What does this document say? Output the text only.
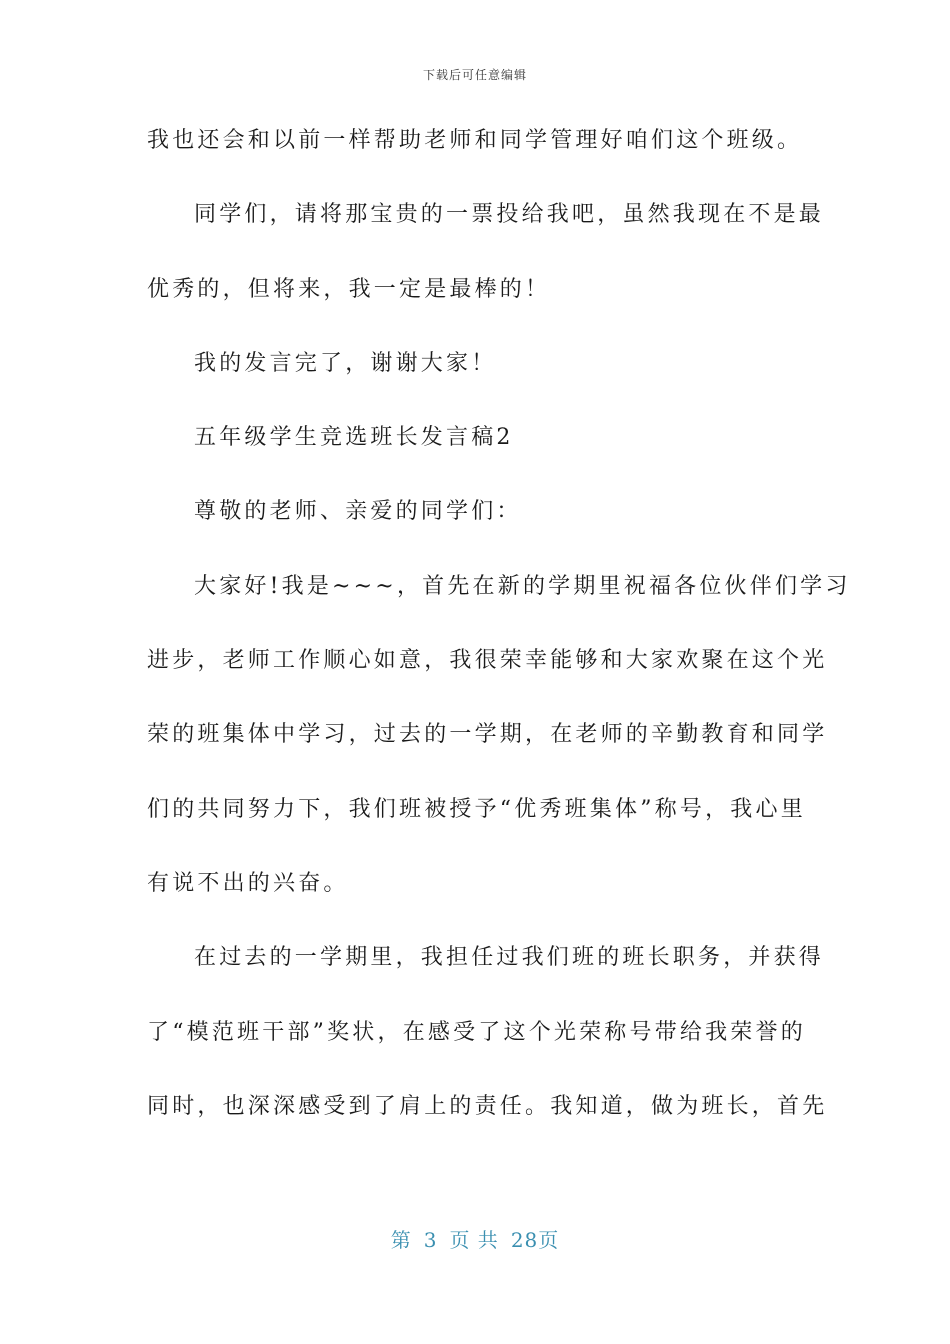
下载后可任意编辑
我也还会和以前一样帮助老师和同学管理好咱们这个班级。
同学们，请将那宝贵的一票投给我吧，虽然我现在不是最
优秀的，但将来，我一定是最棒的！
我的发言完了，谢谢大家！
五年级学生竞选班长发言稿2
尊敬的老师、亲爱的同学们：
大家好!我是~~~，首先在新的学期里祝福各位伙伴们学习
进步，老师工作顺心如意，我很荣幸能够和大家欢聚在这个光
荣的班集体中学习，过去的一学期，在老师的辛勤教育和同学
们的共同努力下，我们班被授予“优秀班集体”称号，我心里
有说不出的兴奋。
在过去的一学期里，我担任过我们班的班长职务，并获得
了“模范班干部”奖状，在感受了这个光荣称号带给我荣誉的
同时，也深深感受到了肩上的责任。我知道，做为班长，首先
第 3 页 共 28页
